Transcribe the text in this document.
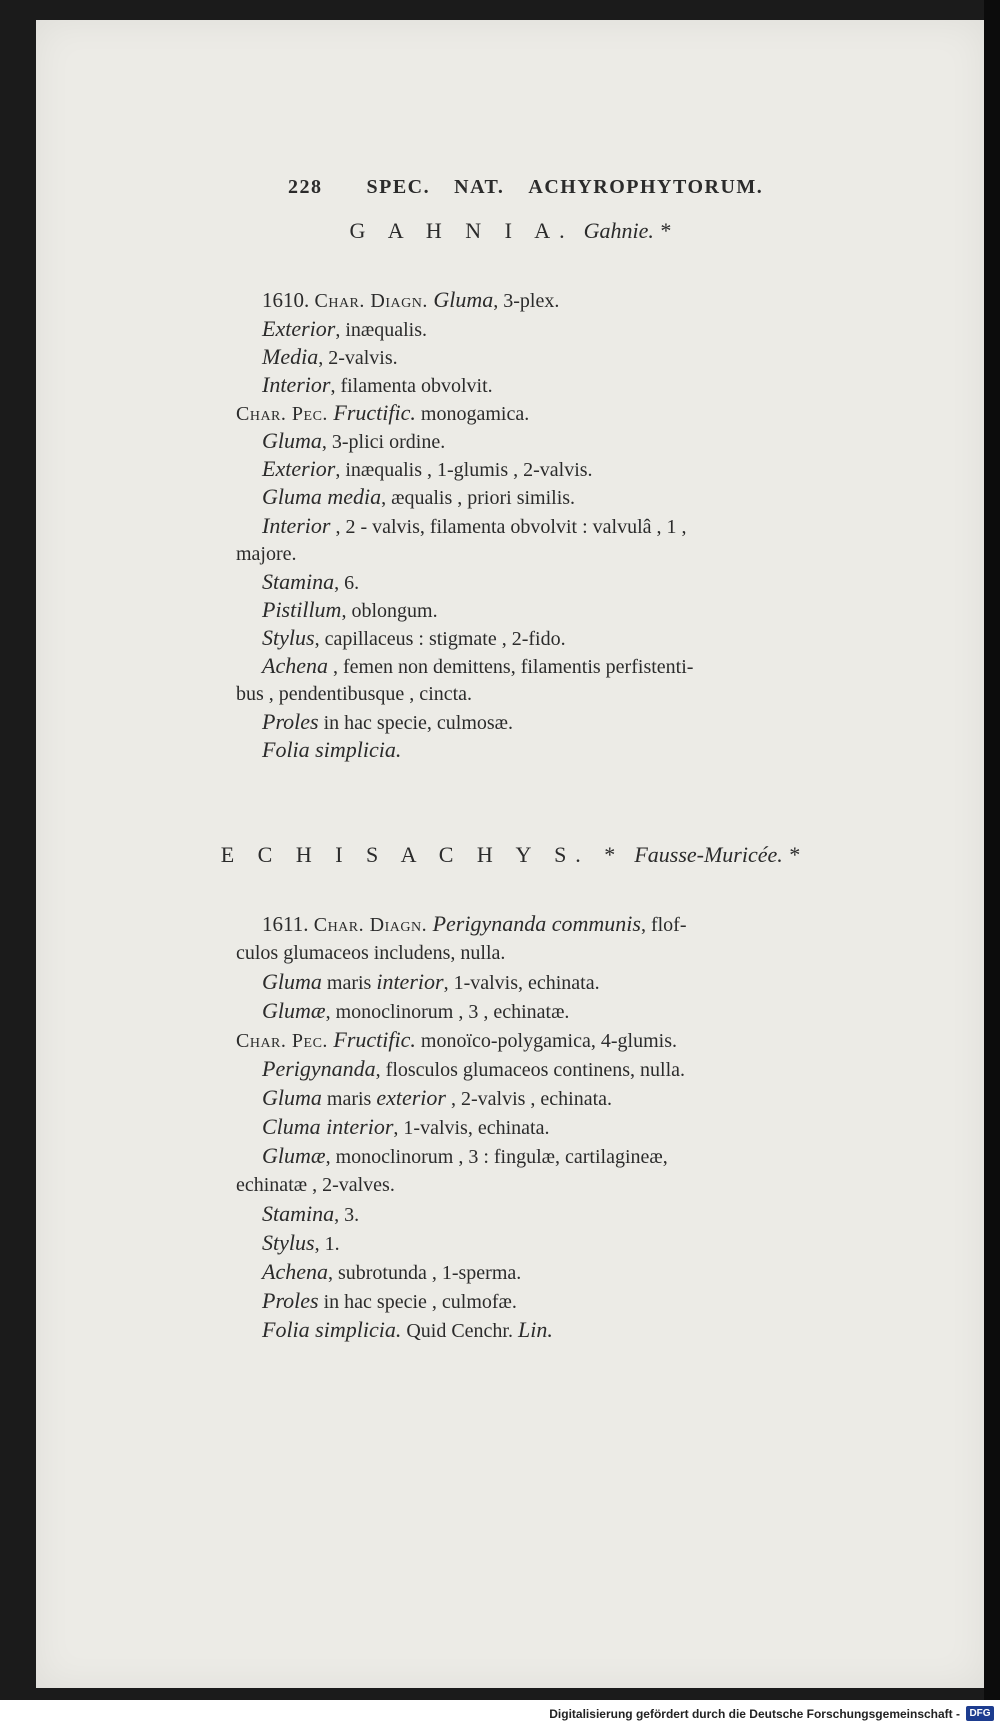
228 SPEC. NAT. ACHYROPHYTORUM.
G A H N I A. Gahnie. *
1610. Char. Diagn. Gluma, 3-plex.
Exterior, inæqualis.
Media, 2-valvis.
Interior, filamenta obvolvit.
Char. Pec. Fructific. monogamica.
Gluma, 3-plici ordine.
Exterior, inæqualis , 1-glumis , 2-valvis.
Gluma media, æqualis , priori similis.
Interior , 2 - valvis, filamenta obvolvit : valvulâ , 1 ,
majore.
Stamina, 6.
Pistillum, oblongum.
Stylus, capillaceus : stigmate , 2-fido.
Achena , femen non demittens, filamentis perfistenti-
bus , pendentibusque , cincta.
Proles in hac specie, culmosæ.
Folia simplicia.
E C H I S A C H Y S. * Fausse-Muricée. *
1611. Char. Diagn. Perigynanda communis, flof-
culos glumaceos includens, nulla.
Gluma maris interior, 1-valvis, echinata.
Glumæ, monoclinorum , 3 , echinatæ.
Char. Pec. Fructific. monoïco-polygamica, 4-glumis.
Perigynanda, flosculos glumaceos continens, nulla.
Gluma maris exterior , 2-valvis , echinata.
Cluma interior, 1-valvis, echinata.
Glumæ, monoclinorum , 3 : fingulæ, cartilagineæ,
echinatæ , 2-valves.
Stamina, 3.
Stylus, 1.
Achena, subrotunda , 1-sperma.
Proles in hac specie , culmofæ.
Folia simplicia. Quid Cenchr. Lin.
Digitalisierung gefördert durch die Deutsche Forschungsgemeinschaft - DFG
